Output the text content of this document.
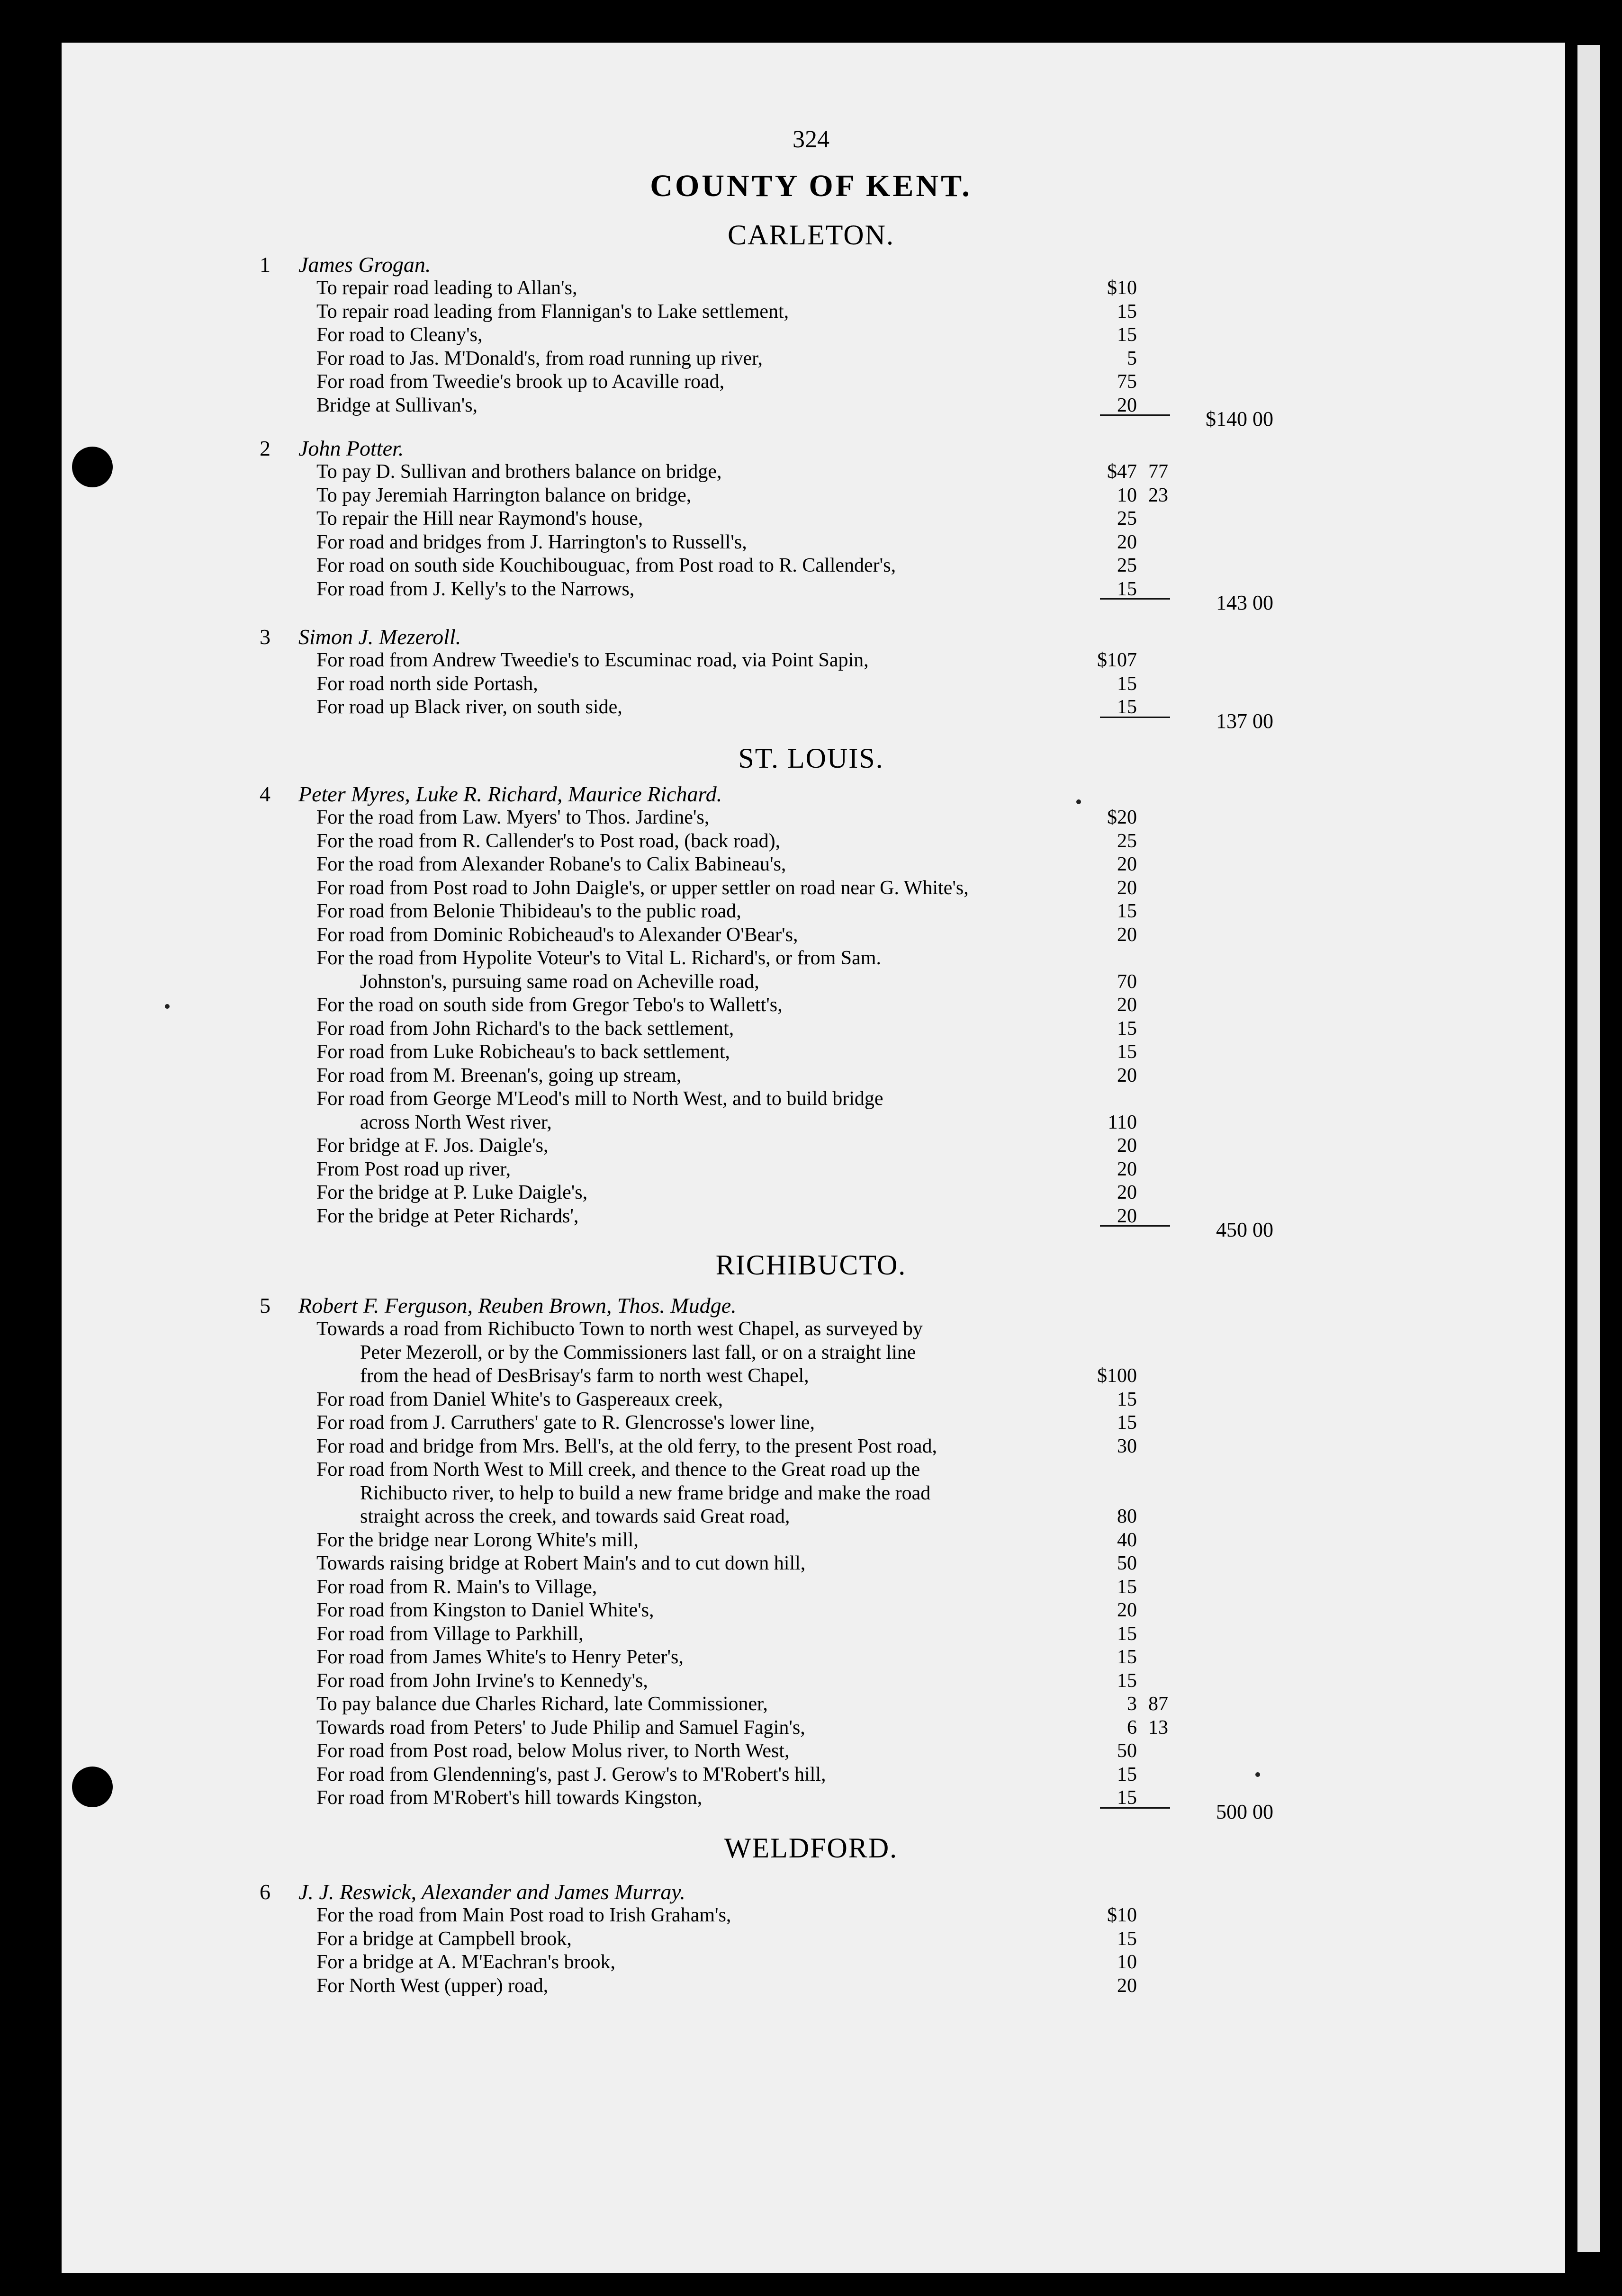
324
COUNTY OF KENT.
CARLETON.
1 James Grogan.
To repair road leading to Allan's,	$10
To repair road leading from Flannigan's to Lake settlement,	15
For road to Cleany's,	15
For road to Jas. M'Donald's, from road running up river,	5
For road from Tweedie's brook up to Acaville road,	75
Bridge at Sullivan's,	20
$140 00
2 John Potter.
To pay D. Sullivan and brothers balance on bridge,	$47 77
To pay Jeremiah Harrington balance on bridge,	10 23
To repair the Hill near Raymond's house,	25
For road and bridges from J. Harrington's to Russell's,	20
For road on south side Kouchibouguac, from Post road to R. Callender's,	25
For road from J. Kelly's to the Narrows,	15
143 00
3 Simon J. Mezeroll.
For road from Andrew Tweedie's to Escuminac road, via Point Sapin,	$107
For road north side Portash,	15
For road up Black river, on south side,	15
137 00
ST. LOUIS.
4 Peter Myres, Luke R. Richard, Maurice Richard.
For the road from Law. Myers' to Thos. Jardine's,	$20
For the road from R. Callender's to Post road, (back road),	25
For the road from Alexander Robane's to Calix Babineau's,	20
For road from Post road to John Daigle's, or upper settler on road near G. White's,	20
For road from Belonie Thibideau's to the public road,	15
For road from Dominic Robicheaud's to Alexander O'Bear's,	20
For the road from Hypolite Voteur's to Vital L. Richard's, or from Sam.
Johnston's, pursuing same road on Acheville road,	70
For the road on south side from Gregor Tebo's to Wallett's,	20
For road from John Richard's to the back settlement,	15
For road from Luke Robicheau's to back settlement,	15
For road from M. Breenan's, going up stream,	20
For road from George M'Leod's mill to North West, and to build bridge
across North West river,	110
For bridge at F. Jos. Daigle's,	20
From Post road up river,	20
For the bridge at P. Luke Daigle's,	20
For the bridge at Peter Richards',	20
450 00
RICHIBUCTO.
5 Robert F. Ferguson, Reuben Brown, Thos. Mudge.
Towards a road from Richibucto Town to north west Chapel, as surveyed by
Peter Mezeroll, or by the Commissioners last fall, or on a straight line
from the head of DesBrisay's farm to north west Chapel,	$100
For road from Daniel White's to Gaspereaux creek,	15
For road from J. Carruthers' gate to R. Glencrosse's lower line,	15
For road and bridge from Mrs. Bell's, at the old ferry, to the present Post road,	30
For road from North West to Mill creek, and thence to the Great road up the
Richibucto river, to help to build a new frame bridge and make the road
straight across the creek, and towards said Great road,	80
For the bridge near Lorong White's mill,	40
Towards raising bridge at Robert Main's and to cut down hill,	50
For road from R. Main's to Village,	15
For road from Kingston to Daniel White's,	20
For road from Village to Parkhill,	15
For road from James White's to Henry Peter's,	15
For road from John Irvine's to Kennedy's,	15
To pay balance due Charles Richard, late Commissioner,	3 87
Towards road from Peters' to Jude Philip and Samuel Fagin's,	6 13
For road from Post road, below Molus river, to North West,	50
For road from Glendenning's, past J. Gerow's to M'Robert's hill,	15
For road from M'Robert's hill towards Kingston,	15
500 00
WELDFORD.
6 J. J. Reswick, Alexander and James Murray.
For the road from Main Post road to Irish Graham's,	$10
For a bridge at Campbell brook,	15
For a bridge at A. M'Eachran's brook,	10
For North West (upper) road,	20
